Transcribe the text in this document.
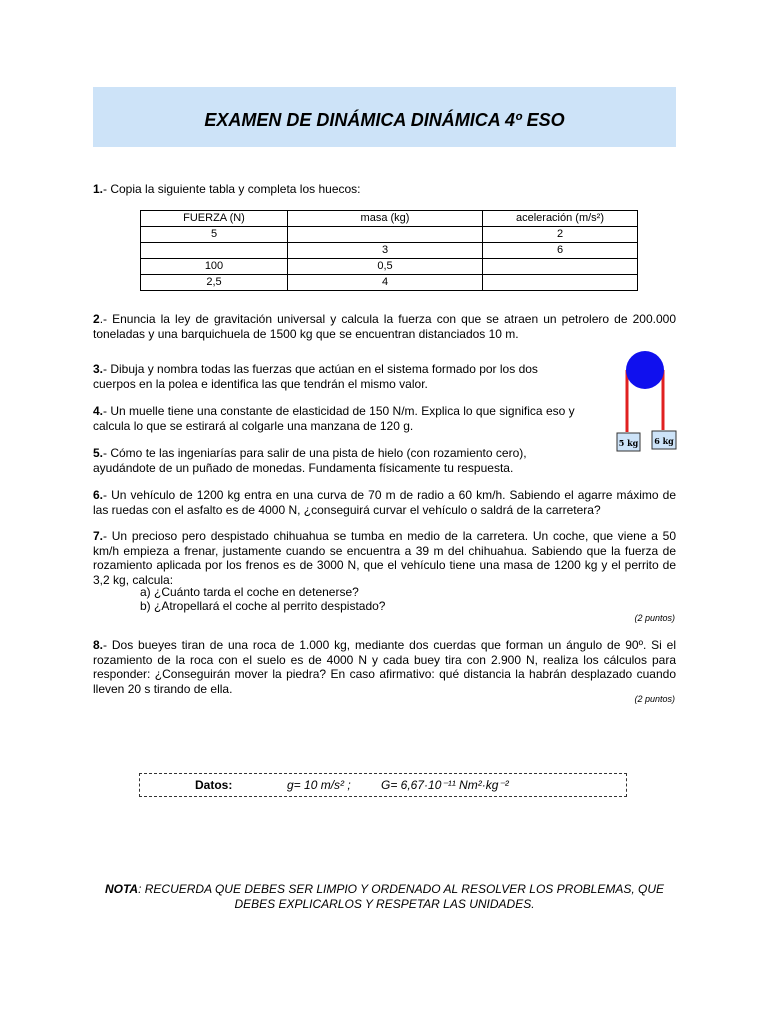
EXAMEN DE DINÁMICA DINÁMICA 4º ESO
1.- Copia la siguiente tabla y completa los huecos:
FUERZA (N)	masa (kg)	aceleración (m/s²)
5		2
	3	6
100	0,5	
2,5	4	
2.- Enuncia la ley de gravitación universal y calcula la fuerza con que se atraen un petrolero de 200.000 toneladas y una barquichuela de 1500 kg que se encuentran distanciados 10 m.
3.- Dibuja y nombra todas las fuerzas que actúan en el sistema formado por los dos cuerpos en la polea e identifica las que tendrán el mismo valor.
4.- Un muelle tiene una constante de elasticidad de 150 N/m. Explica lo que significa eso y calcula lo que se estirará al colgarle una manzana de 120 g.
5.- Cómo te las ingeniarías para salir de una pista de hielo (con rozamiento cero), ayudándote de un puñado de monedas. Fundamenta físicamente tu respuesta.
5 kg 6 kg
6.- Un vehículo de 1200 kg entra en una curva de 70 m de radio a 60 km/h. Sabiendo el agarre máximo de las ruedas con el asfalto es de 4000 N, ¿conseguirá curvar el vehículo o saldrá de la carretera?
7.- Un precioso pero despistado chihuahua se tumba en medio de la carretera. Un coche, que viene a 50 km/h empieza a frenar, justamente cuando se encuentra a 39 m del chihuahua. Sabiendo que la fuerza de rozamiento aplicada por los frenos es de 3000 N, que el vehículo tiene una masa de 1200 kg y el perrito de 3,2 kg, calcula:
a) ¿Cuánto tarda el coche en detenerse?
b) ¿Atropellará el coche al perrito despistado?
(2 puntos)
8.- Dos bueyes tiran de una roca de 1.000 kg, mediante dos cuerdas que forman un ángulo de 90º. Si el rozamiento de la roca con el suelo es de 4000 N y cada buey tira con 2.900 N, realiza los cálculos para responder: ¿Conseguirán mover la piedra? En caso afirmativo: qué distancia la habrán desplazado cuando lleven 20 s tirando de ella.
(2 puntos)
Datos:	g= 10 m/s² ;	G= 6,67·10⁻¹¹ Nm²·kg⁻²
NOTA: RECUERDA QUE DEBES SER LIMPIO Y ORDENADO AL RESOLVER LOS PROBLEMAS, QUE DEBES EXPLICARLOS Y RESPETAR LAS UNIDADES.
